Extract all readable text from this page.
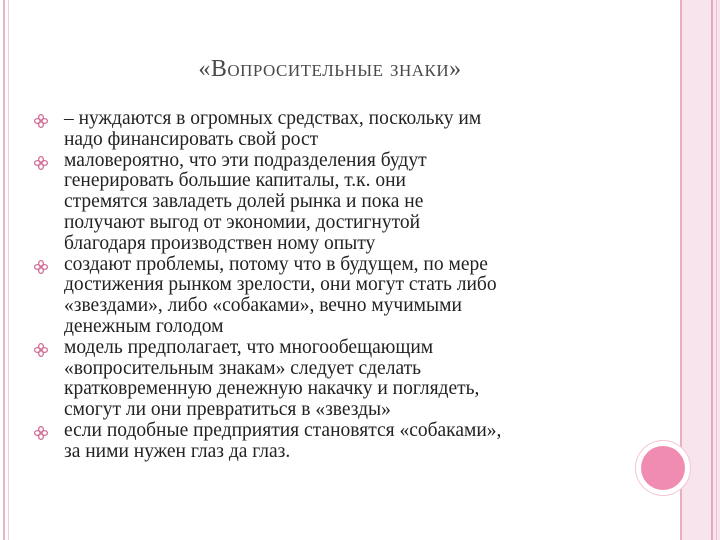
«Вопросительные знаки»
– нуждаются в огромных средствах, поскольку им
надо финансировать свой рост
маловероятно, что эти подразделения будут
генерировать большие капиталы, т.к. они
стремятся завладеть долей рынка и пока не
получают выгод от экономии, достигнутой
благодаря производствен ному опыту
создают проблемы, потому что в будущем, по мере
достижения рынком зрелости, они могут стать либо
«звездами», либо «собаками», вечно мучимыми
денежным голодом
модель предполагает, что многообещающим
«вопросительным знакам» следует сделать
кратковременную денежную накачку и поглядеть,
смогут ли они превратиться в «звезды»
если подобные предприятия становятся «собаками»,
за ними нужен глаз да глаз.
